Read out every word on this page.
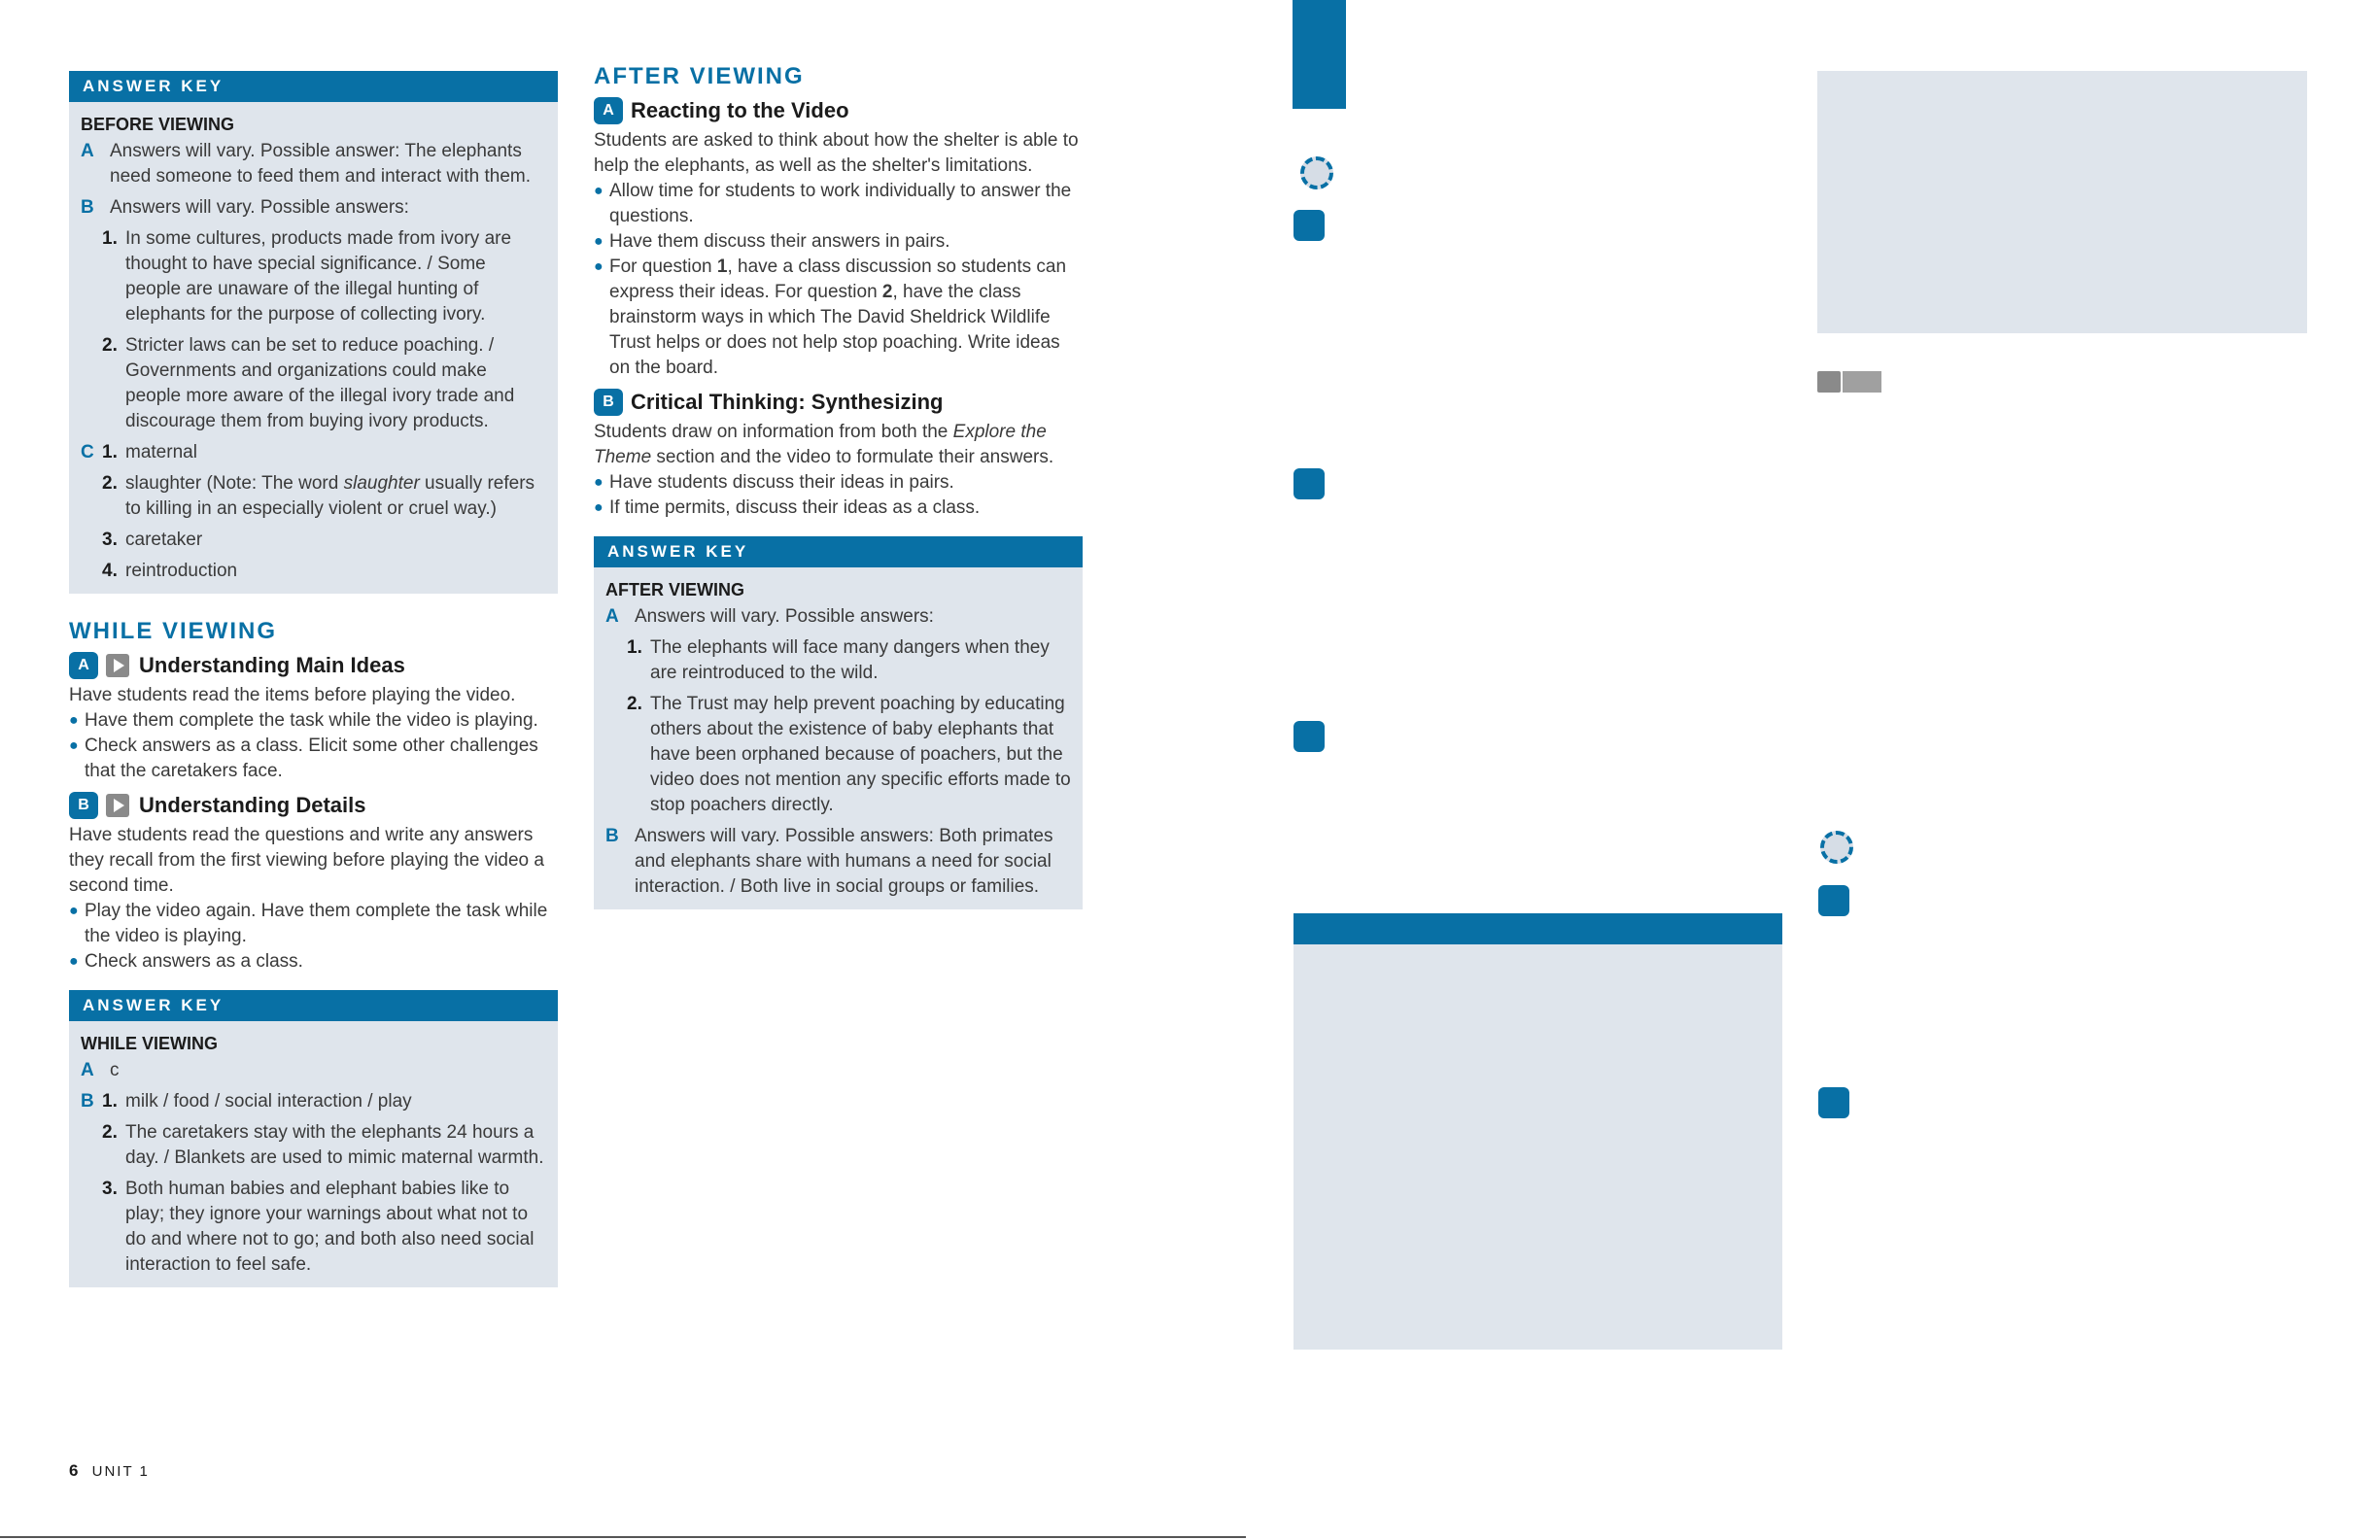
ANSWER KEY
BEFORE VIEWING
A Answers will vary. Possible answer: The elephants need someone to feed them and interact with them.
B Answers will vary. Possible answers:
1. In some cultures, products made from ivory are thought to have special significance. / Some people are unaware of the illegal hunting of elephants for the purpose of collecting ivory.
2. Stricter laws can be set to reduce poaching. / Governments and organizations could make people more aware of the illegal ivory trade and discourage them from buying ivory products.
C 1. maternal
2. slaughter (Note: The word slaughter usually refers to killing in an especially violent or cruel way.)
3. caretaker
4. reintroduction
WHILE VIEWING
A	Understanding Main Ideas
Have students read the items before playing the video.
● Have them complete the task while the video is playing.
● Check answers as a class. Elicit some other challenges that the caretakers face.
B	Understanding Details
Have students read the questions and write any answers they recall from the first viewing before playing the video a second time.
● Play the video again. Have them complete the task while the video is playing.
● Check answers as a class.
ANSWER KEY
WHILE VIEWING
A c
B 1. milk / food / social interaction / play
2. The caretakers stay with the elephants 24 hours a day. / Blankets are used to mimic maternal warmth.
3. Both human babies and elephant babies like to play; they ignore your warnings about what not to do and where not to go; and both also need social interaction to feel safe.
6 UNIT 1
AFTER VIEWING
A Reacting to the Video
Students are asked to think about how the shelter is able to help the elephants, as well as the shelter's limitations.
● Allow time for students to work individually to answer the questions.
● Have them discuss their answers in pairs.
● For question 1, have a class discussion so students can express their ideas. For question 2, have the class brainstorm ways in which The David Sheldrick Wildlife Trust helps or does not help stop poaching. Write ideas on the board.
B Critical Thinking: Synthesizing
Students draw on information from both the Explore the Theme section and the video to formulate their answers.
● Have students discuss their ideas in pairs.
● If time permits, discuss their ideas as a class.
ANSWER KEY
AFTER VIEWING
A Answers will vary. Possible answers:
1. The elephants will face many dangers when they are reintroduced to the wild.
2. The Trust may help prevent poaching by educating others about the existence of baby elephants that have been orphaned because of poachers, but the video does not mention any specific efforts made to stop poachers directly.
B Answers will vary. Possible answers: Both primates and elephants share with humans a need for social interaction. / Both live in social groups or families.
